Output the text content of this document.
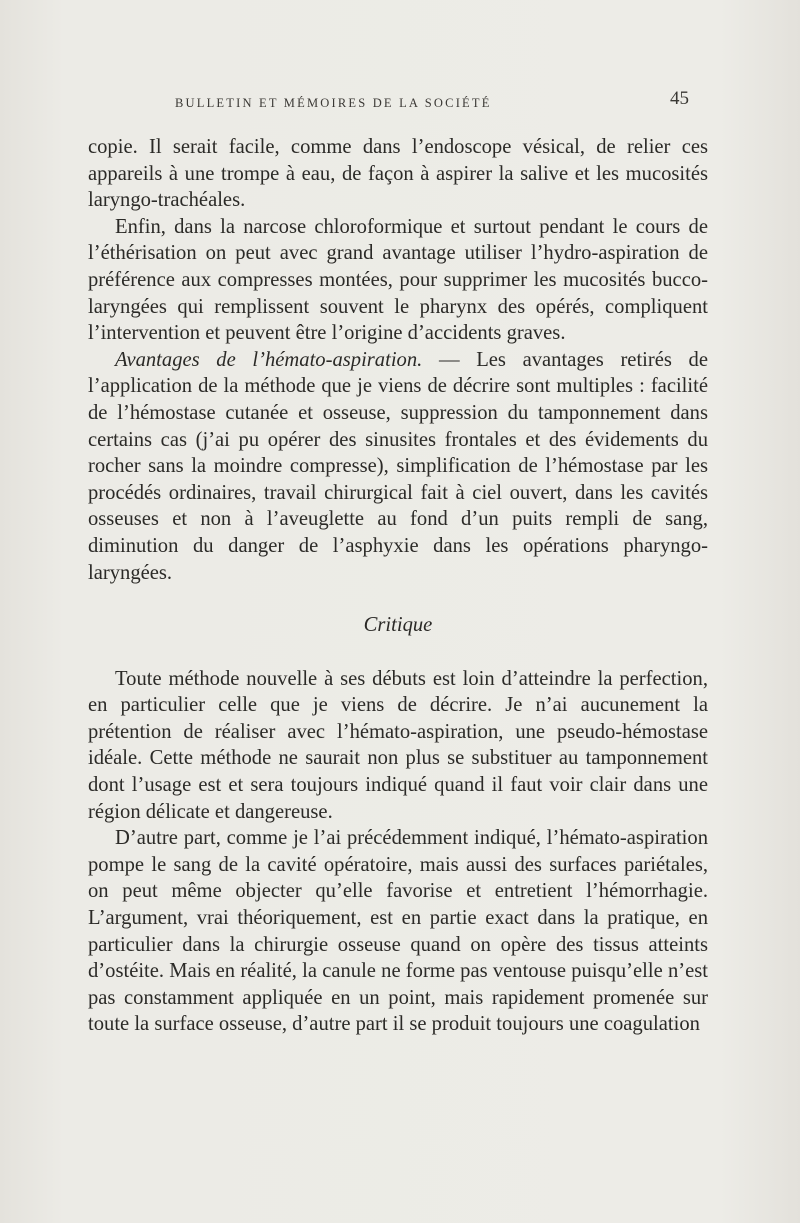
BULLETIN ET MÉMOIRES DE LA SOCIÉTÉ	45

copie. Il serait facile, comme dans l’endoscope vésical, de relier ces appareils à une trompe à eau, de façon à aspirer la salive et les mucosités laryngo-trachéales.

Enfin, dans la narcose chloroformique et surtout pendant le cours de l’éthérisation on peut avec grand avantage utiliser l’hydro-aspiration de préférence aux compresses montées, pour supprimer les mucosités bucco-laryngées qui remplissent souvent le pharynx des opérés, compliquent l’intervention et peuvent être l’origine d’accidents graves.

Avantages de l’hémato-aspiration. — Les avantages retirés de l’application de la méthode que je viens de décrire sont multiples : facilité de l’hémostase cutanée et osseuse, suppression du tamponnement dans certains cas (j’ai pu opérer des sinusites frontales et des évidements du rocher sans la moindre compresse), simplification de l’hémostase par les procédés ordinaires, travail chirurgical fait à ciel ouvert, dans les cavités osseuses et non à l’aveuglette au fond d’un puits rempli de sang, diminution du danger de l’asphyxie dans les opérations pharyngo-laryngées.

Critique

Toute méthode nouvelle à ses débuts est loin d’atteindre la perfection, en particulier celle que je viens de décrire. Je n’ai aucunement la prétention de réaliser avec l’hémato-aspiration, une pseudo-hémostase idéale. Cette méthode ne saurait non plus se substituer au tamponnement dont l’usage est et sera toujours indiqué quand il faut voir clair dans une région délicate et dangereuse.

D’autre part, comme je l’ai précédemment indiqué, l’hémato-aspiration pompe le sang de la cavité opératoire, mais aussi des surfaces pariétales, on peut même objecter qu’elle favorise et entretient l’hémorrhagie. L’argument, vrai théoriquement, est en partie exact dans la pratique, en particulier dans la chirurgie osseuse quand on opère des tissus atteints d’ostéite. Mais en réalité, la canule ne forme pas ventouse puisqu’elle n’est pas constamment appliquée en un point, mais rapidement promenée sur toute la surface osseuse, d’autre part il se produit toujours une coagulation
